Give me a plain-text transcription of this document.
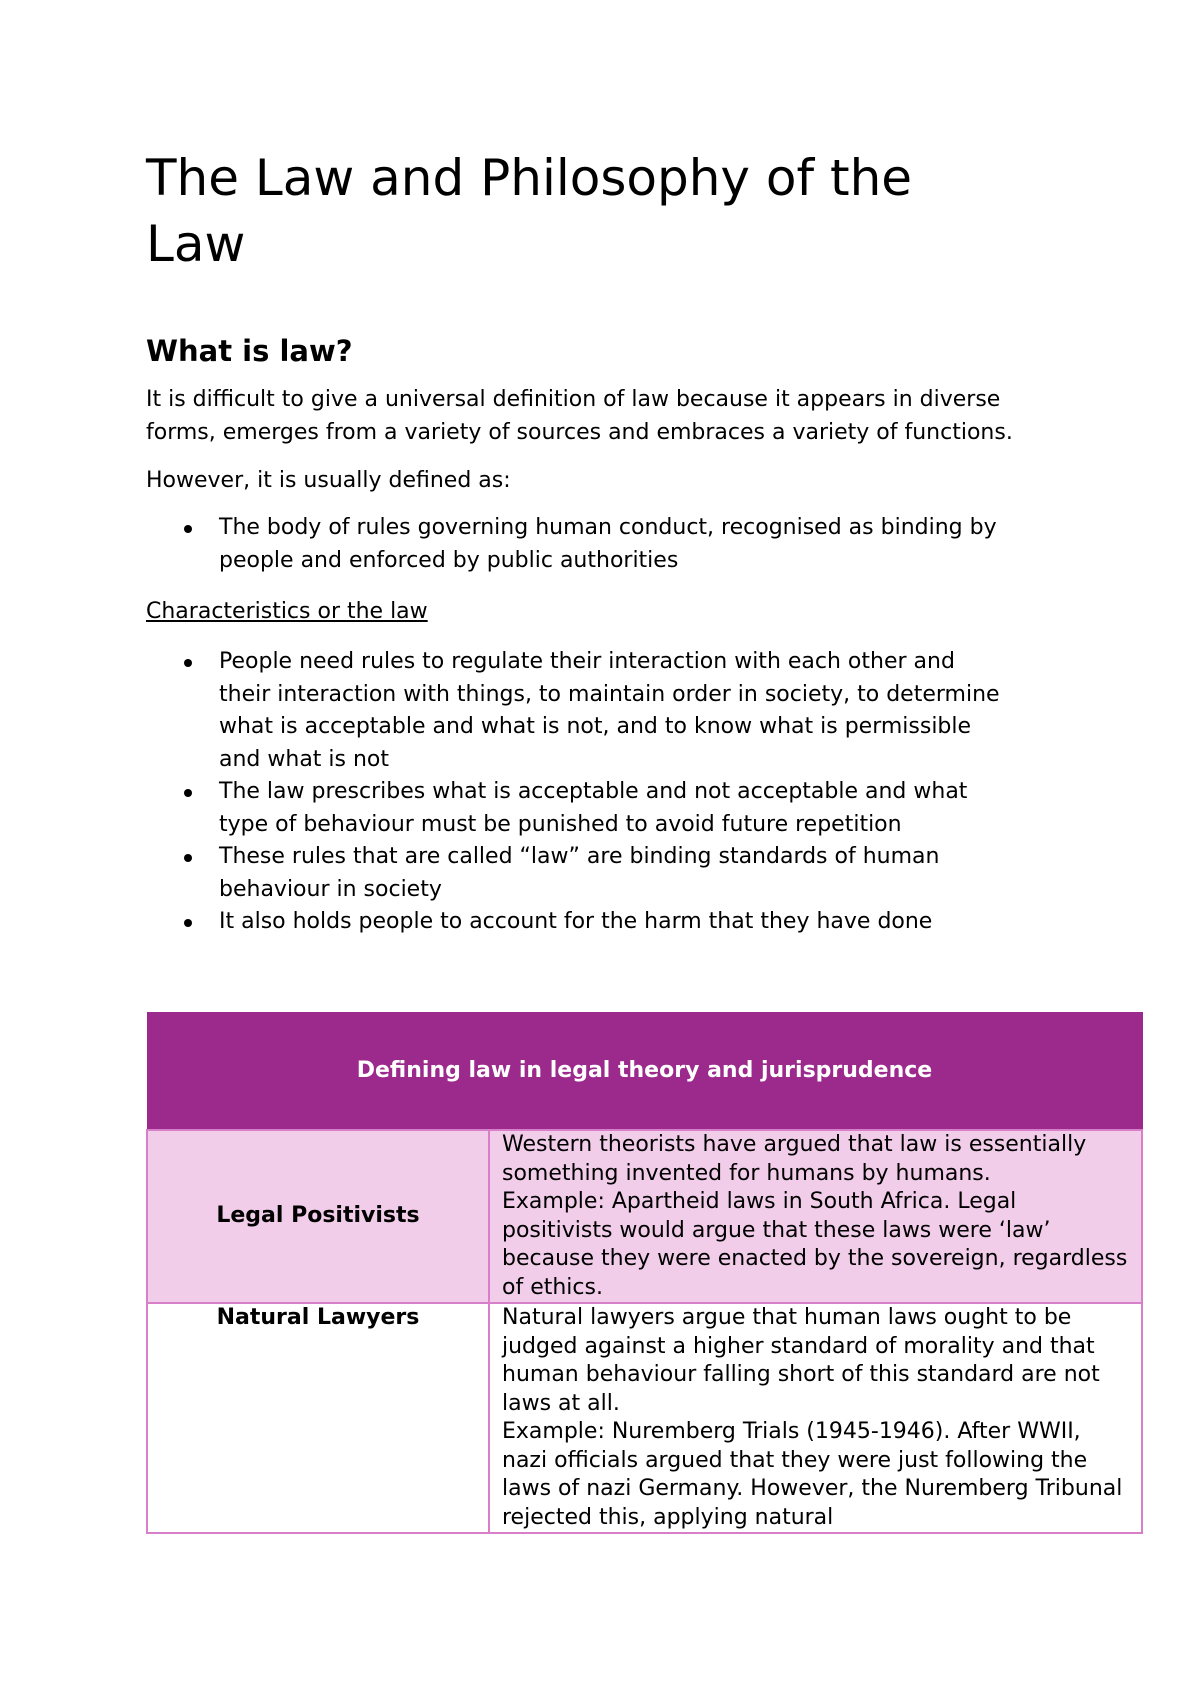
The Law and Philosophy of the Law
What is law?

It is difficult to give a universal definition of law because it appears in diverse forms, emerges from a variety of sources and embraces a variety of functions.

However, it is usually defined as:

The body of rules governing human conduct, recognised as binding by people and enforced by public authorities

Characteristics or the law

People need rules to regulate their interaction with each other and their interaction with things, to maintain order in society, to determine what is acceptable and what is not, and to know what is permissible and what is not
The law prescribes what is acceptable and not acceptable and what type of behaviour must be punished to avoid future repetition
These rules that are called “law” are binding standards of human behaviour in society
It also holds people to account for the harm that they have done
Defining law in legal theory and jurisprudence	
Legal Positivists	Western theorists have argued that law is essentially something invented for humans by humans.
Example: Apartheid laws in South Africa. Legal positivists would argue that these laws were ‘law’ because they were enacted by the sovereign, regardless of ethics.

Natural Lawyers	Natural lawyers argue that human laws ought to be judged against a higher standard of morality and that human behaviour falling short of this standard are not laws at all.
Example: Nuremberg Trials (1945-1946). After WWII, nazi officials argued that they were just following the laws of nazi Germany. However, the Nuremberg Tribunal rejected this, applying natural
